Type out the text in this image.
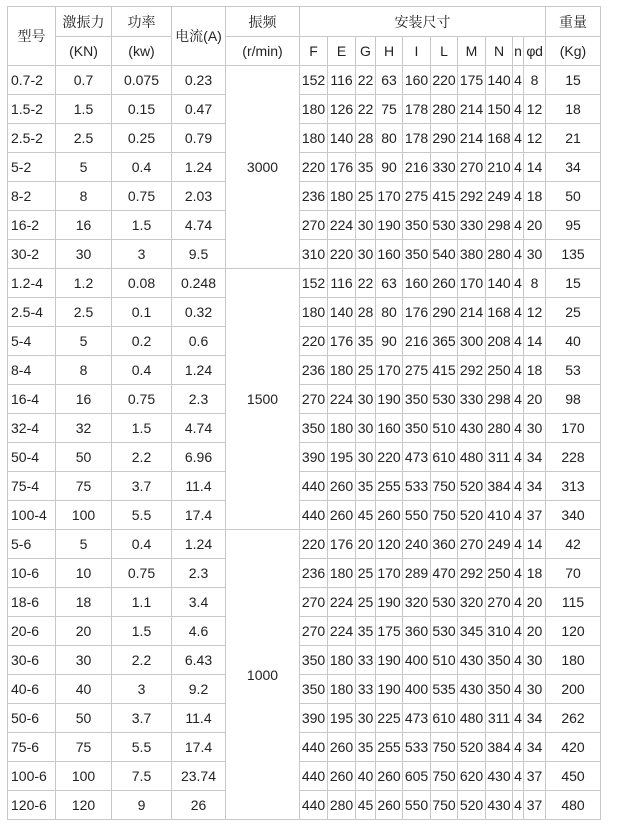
型号	激振力	功率	电流(A)	振频	安装尺寸										重量
	(KN)	(kw)		(r/min)	F	E	G	H	I	L	M	N	n	φd	(Kg)
0.7-2	0.7	0.075	0.23	3000	152	116	22	63	160	220	175	140	4	8	15
1.5-2	1.5	0.15	0.47		180	126	22	75	178	280	214	150	4	12	18
2.5-2	2.5	0.25	0.79		180	140	28	80	178	290	214	168	4	12	21
5-2	5	0.4	1.24		220	176	35	90	216	330	270	210	4	14	34
8-2	8	0.75	2.03		236	180	25	170	275	415	292	249	4	18	50
16-2	16	1.5	4.74		270	224	30	190	350	530	330	298	4	20	95
30-2	30	3	9.5		310	220	30	160	350	540	380	280	4	30	135
1.2-4	1.2	0.08	0.248	1500	152	116	22	63	160	260	170	140	4	8	15
2.5-4	2.5	0.1	0.32		180	140	28	80	176	290	214	168	4	12	25
5-4	5	0.2	0.6		220	176	35	90	216	365	300	208	4	14	40
8-4	8	0.4	1.24		236	180	25	170	275	415	292	250	4	18	53
16-4	16	0.75	2.3		270	224	30	190	350	530	330	298	4	20	98
32-4	32	1.5	4.74		350	180	30	160	350	510	430	280	4	30	170
50-4	50	2.2	6.96		390	195	30	220	473	610	480	311	4	34	228
75-4	75	3.7	11.4		440	260	35	255	533	750	520	384	4	34	313
100-4	100	5.5	17.4		440	260	45	260	550	750	520	410	4	37	340
5-6	5	0.4	1.24	1000	220	176	20	120	240	360	270	249	4	14	42
10-6	10	0.75	2.3		236	180	25	170	289	470	292	250	4	18	70
18-6	18	1.1	3.4		270	224	25	190	320	530	320	270	4	20	115
20-6	20	1.5	4.6		270	224	35	175	360	530	345	310	4	20	120
30-6	30	2.2	6.43		350	180	33	190	400	510	430	350	4	30	180
40-6	40	3	9.2		350	180	33	190	400	535	430	350	4	30	200
50-6	50	3.7	11.4		390	195	30	225	473	610	480	311	4	34	262
75-6	75	5.5	17.4		440	260	35	255	533	750	520	384	4	34	420
100-6	100	7.5	23.74		440	260	40	260	605	750	620	430	4	37	450
120-6	120	9	26		440	280	45	260	550	750	520	430	4	37	480
